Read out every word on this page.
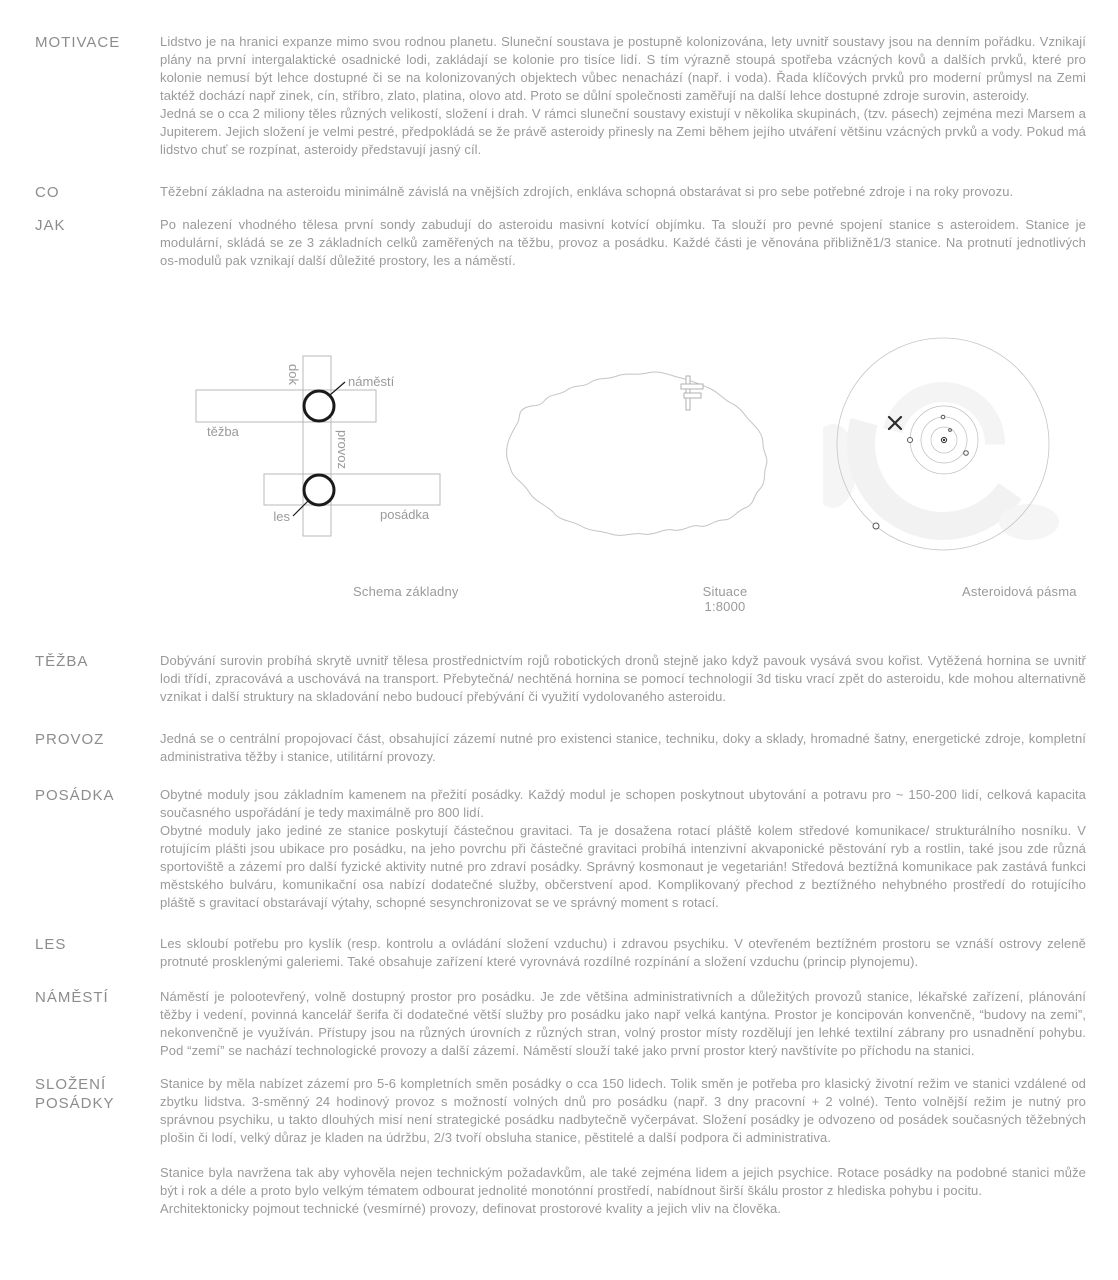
MOTIVACE	Lidstvo je na hranici expanze mimo svou rodnou planetu. Sluneční soustava je postupně kolonizována, lety uvnitř soustavy jsou na denním pořádku. Vznikají plány na první intergalaktické osadnické lodi, zakládají se kolonie pro tisíce lidí. S tím výrazně stoupá spotřeba vzácných kovů a dalších prvků, které pro kolonie nemusí být lehce dostupné či se na kolonizovaných objektech vůbec nenachází (např. i voda). Řada klíčových prvků pro moderní průmysl na Zemi taktéž dochází např zinek, cín, stříbro, zlato, platina, olovo atd. Proto se důlní společnosti zaměřují na další lehce dostupné zdroje surovin, asteroidy.

Jedná se o cca 2 miliony těles různých velikostí, složení i drah. V rámci sluneční soustavy existují v několika skupinách, (tzv. pásech) zejména mezi Marsem a Jupiterem. Jejich složení je velmi pestré, předpokládá se že právě asteroidy přinesly na Zemi během jejího utváření většinu vzácných prvků a vody. Pokud má lidstvo chuť se rozpínat, asteroidy představují jasný cíl.

CO	Těžební základna na asteroidu minimálně závislá na vnějších zdrojích, enkláva schopná obstarávat si pro sebe potřebné zdroje i na roky provozu.

JAK	Po nalezení vhodného tělesa první sondy zabudují do asteroidu masivní kotvící objímku. Ta slouží pro pevné spojení stanice s asteroidem. Stanice je modulární, skládá se ze 3 základních celků zaměřených na těžbu, provoz a posádku. Každé části je věnována přibližně1/3 stanice. Na protnutí jednotlivých os-modulů pak vznikají další důležité prostory, les a náměstí.

dok	náměstí
těžba	provoz
les	posádka
Schema základny	Situace
1:8000
Asteroidová pásma
TĚŽBA	Dobývání surovin probíhá skrytě uvnitř tělesa prostřednictvím rojů robotických dronů stejně jako když pavouk vysává svou kořist. Vytěžená hornina se uvnitř lodi třídí, zpracovává a uschovává na transport. Přebytečná/ nechtěná hornina se pomocí technologií 3d tisku vrací zpět do asteroidu, kde mohou alternativně vznikat i další struktury na skladování nebo budoucí přebývání či využití vydolovaného asteroidu.

PROVOZ	Jedná se o centrální propojovací část, obsahující zázemí nutné pro existenci stanice, techniku, doky a sklady, hromadné šatny, energetické zdroje, kompletní administrativa těžby i stanice, utilitární provozy.

POSÁDKA	Obytné moduly jsou základním kamenem na přežití posádky. Každý modul je schopen poskytnout ubytování a potravu pro ~ 150-200 lidí, celková kapacita současného uspořádání je tedy maximálně pro 800 lidí.

Obytné moduly jako jediné ze stanice poskytují částečnou gravitaci. Ta je dosažena rotací pláště kolem středové komunikace/ strukturálního nosníku. V rotujícím plášti jsou ubikace pro posádku, na jeho povrchu při částečné gravitaci probíhá intenzivní akvaponické pěstování ryb a rostlin, také jsou zde různá sportoviště a zázemí pro další fyzické aktivity nutné pro zdraví posádky. Správný kosmonaut je vegetarián! Středová beztížná komunikace pak zastává funkci městského bulváru, komunikační osa nabízí dodatečné služby, občerstvení apod. Komplikovaný přechod z beztížného nehybného prostředí do rotujícího pláště s gravitací obstarávají výtahy, schopné sesynchronizovat se ve správný moment s rotací.

LES	Les skloubí potřebu pro kyslík (resp. kontrolu a ovládání složení vzduchu) i zdravou psychiku. V otevřeném beztížném prostoru se vznáší ostrovy zeleně protnuté prosklenými galeriemi. Také obsahuje zařízení které vyrovnává rozdílné rozpínání a složení vzduchu (princip plynojemu).

NÁMĚSTÍ	Náměstí je polootevřený, volně dostupný prostor pro posádku. Je zde většina administrativních a důležitých provozů stanice, lékařské zařízení, plánování těžby i vedení, povinná kancelář šerifa či dodatečné větší služby pro posádku jako např velká kantýna. Prostor je koncipován konvenčně, “budovy na zemi”, nekonvenčně je využíván. Přístupy jsou na různých úrovních z různých stran, volný prostor místy rozdělují jen lehké textilní zábrany pro usnadnění pohybu. Pod “zemí” se nachází technologické provozy a další zázemí. Náměstí slouží také jako první prostor který navštívíte po příchodu na stanici.

SLOŽENÍ
POSÁDKY

Stanice by měla nabízet zázemí pro 5-6 kompletních směn posádky o cca 150 lidech. Tolik směn je potřeba pro klasický životní režim ve stanici vzdálené od zbytku lidstva. 3-směnný 24 hodinový provoz s možností volných dnů pro posádku (např. 3 dny pracovní + 2 volné). Tento volnější režim je nutný pro správnou psychiku, u takto dlouhých misí není strategické posádku nadbytečně vyčerpávat. Složení posádky je odvozeno od posádek současných těžebných plošin či lodí, velký důraz je kladen na údržbu, 2/3 tvoří obsluha stanice, pěstitelé a další podpora či administrativa.

Stanice byla navržena tak aby vyhověla nejen technickým požadavkům, ale také zejména lidem a jejich psychice. Rotace posádky na podobné stanici může být i rok a déle a proto bylo velkým tématem odbourat jednolité monotónní prostředí, nabídnout širší škálu prostor z hlediska pohybu i pocitu.

Architektonicky pojmout technické (vesmírné) provozy, definovat prostorové kvality a jejich vliv na člověka.
